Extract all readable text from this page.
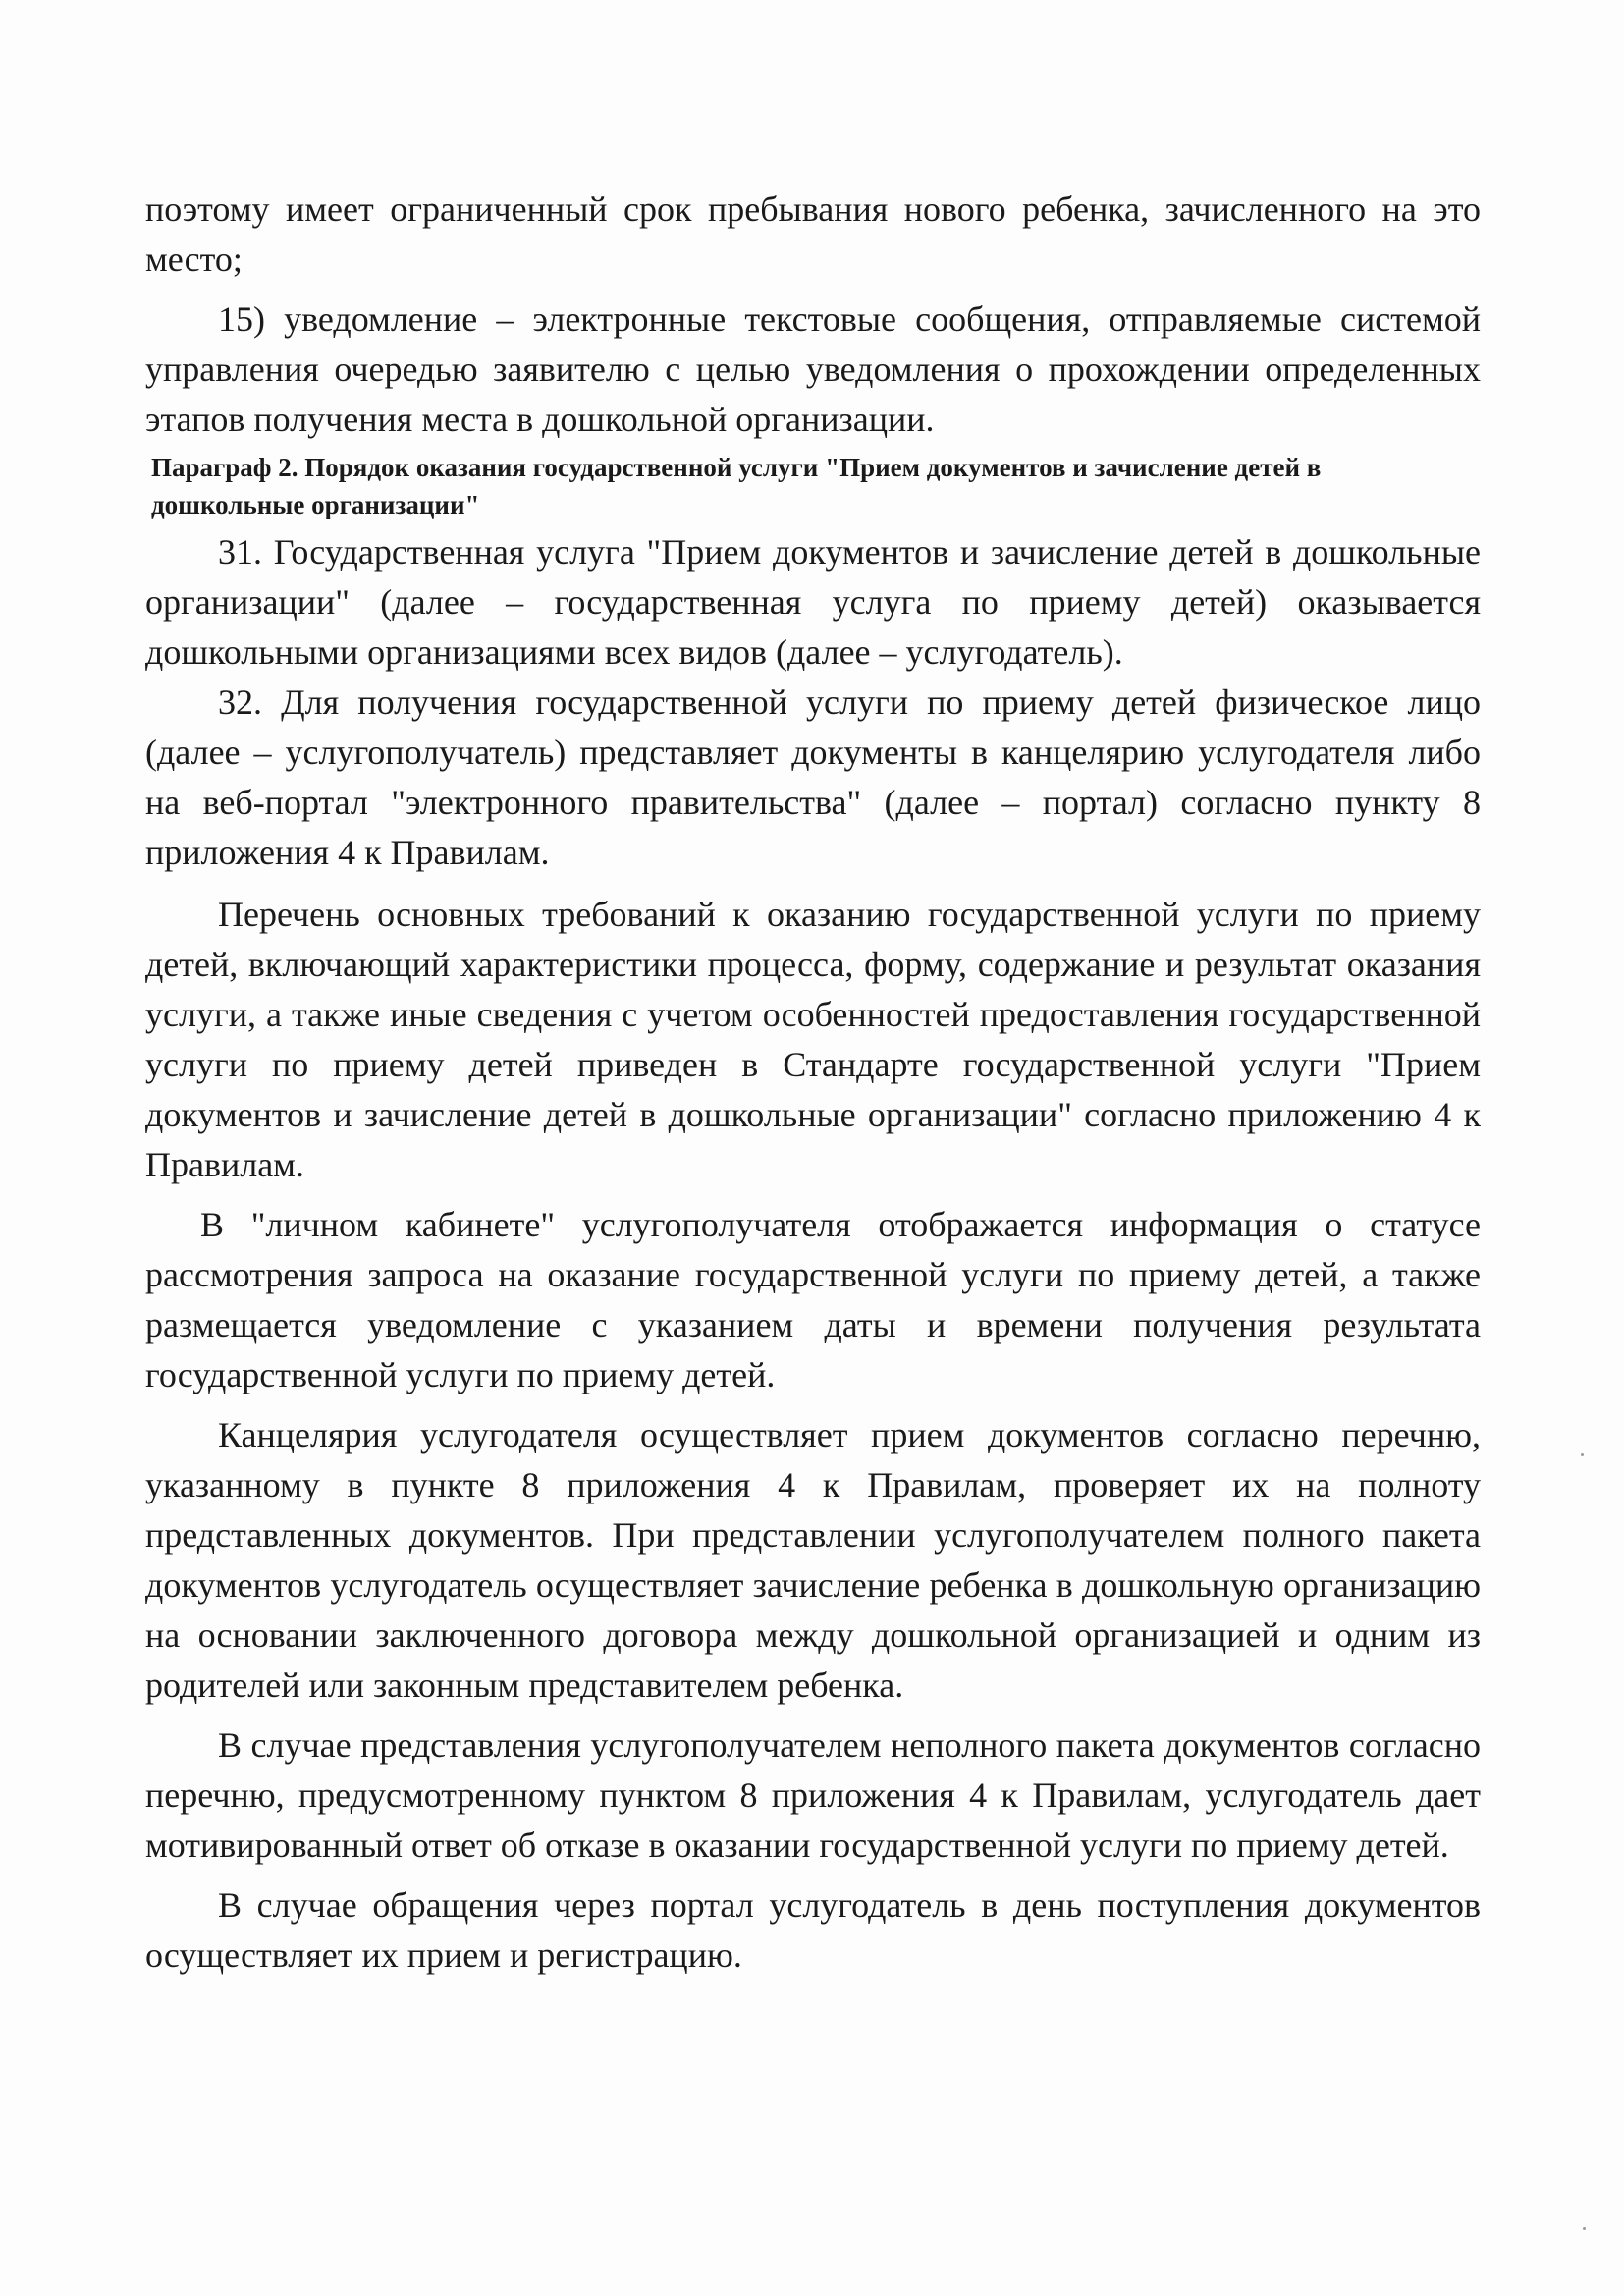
поэтому имеет ограниченный срок пребывания нового ребенка, зачисленного на это место;

15) уведомление – электронные текстовые сообщения, отправляемые системой управления очередью заявителю с целью уведомления о прохождении определенных этапов получения места в дошкольной организации.

Параграф 2. Порядок оказания государственной услуги "Прием документов и зачисление детей в дошкольные организации"

31. Государственная услуга "Прием документов и зачисление детей в дошкольные организации" (далее – государственная услуга по приему детей) оказывается дошкольными организациями всех видов (далее – услугодатель).

32. Для получения государственной услуги по приему детей физическое лицо (далее – услугополучатель) представляет документы в канцелярию услугодателя либо на веб-портал "электронного правительства" (далее – портал) согласно пункту 8 приложения 4 к Правилам.

Перечень основных требований к оказанию государственной услуги по приему детей, включающий характеристики процесса, форму, содержание и результат оказания услуги, а также иные сведения с учетом особенностей предоставления государственной услуги по приему детей приведен в Стандарте государственной услуги "Прием документов и зачисление детей в дошкольные организации" согласно приложению 4 к Правилам.

В "личном кабинете" услугополучателя отображается информация о статусе рассмотрения запроса на оказание государственной услуги по приему детей, а также размещается уведомление с указанием даты и времени получения результата государственной услуги по приему детей.

Канцелярия услугодателя осуществляет прием документов согласно перечню, указанному в пункте 8 приложения 4 к Правилам, проверяет их на полноту представленных документов. При представлении услугополучателем полного пакета документов услугодатель осуществляет зачисление ребенка в дошкольную организацию на основании заключенного договора между дошкольной организацией и одним из родителей или законным представителем ребенка.

В случае представления услугополучателем неполного пакета документов согласно перечню, предусмотренному пунктом 8 приложения 4 к Правилам, услугодатель дает мотивированный ответ об отказе в оказании государственной услуги по приему детей.

В случае обращения через портал услугодатель в день поступления документов осуществляет их прием и регистрацию.
